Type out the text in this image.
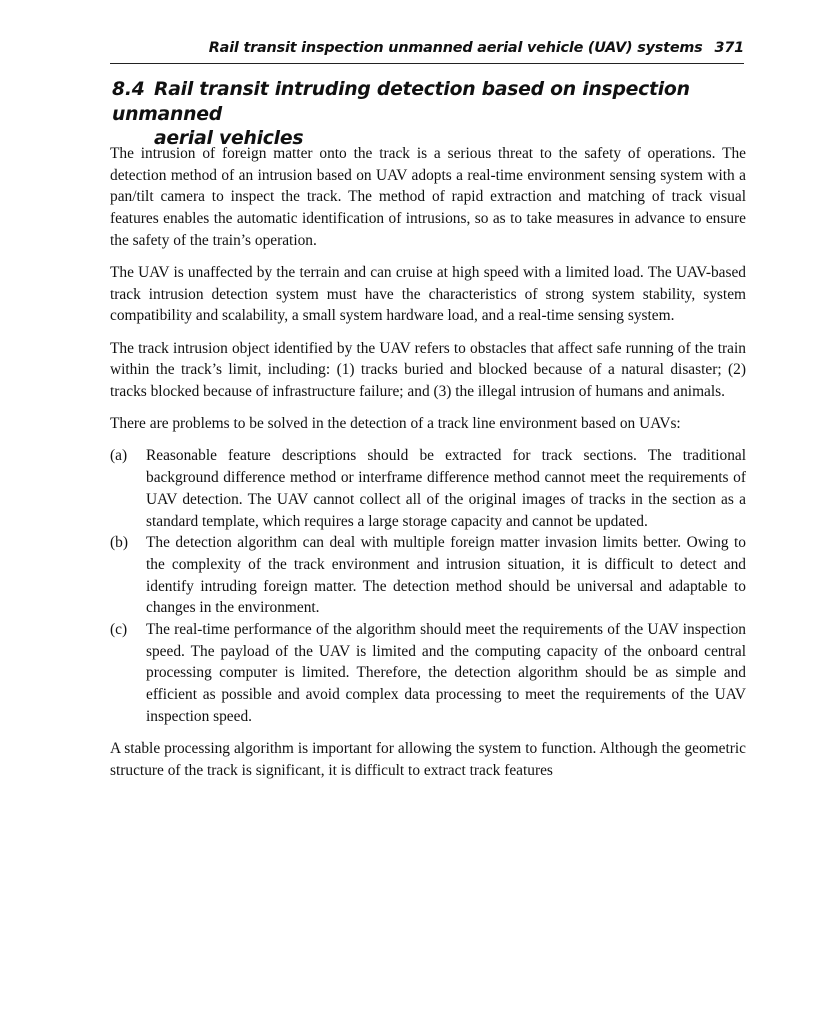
Rail transit inspection unmanned aerial vehicle (UAV) systems 371
8.4 Rail transit intruding detection based on inspection unmanned
aerial vehicles

The intrusion of foreign matter onto the track is a serious threat to the safety of operations. The detection method of an intrusion based on UAV adopts a real-time environment sensing system with a pan/tilt camera to inspect the track. The method of rapid extraction and matching of track visual features enables the automatic identification of intrusions, so as to take measures in advance to ensure the safety of the train’s operation.

The UAV is unaffected by the terrain and can cruise at high speed with a limited load. The UAV-based track intrusion detection system must have the characteristics of strong system stability, system compatibility and scalability, a small system hardware load, and a real-time sensing system.

The track intrusion object identified by the UAV refers to obstacles that affect safe running of the train within the track’s limit, including: (1) tracks buried and blocked because of a natural disaster; (2) tracks blocked because of infrastructure failure; and (3) the illegal intrusion of humans and animals.

There are problems to be solved in the detection of a track line environment based on UAVs:

(a) Reasonable feature descriptions should be extracted for track sections. The traditional background difference method or interframe difference method cannot meet the requirements of UAV detection. The UAV cannot collect all of the original images of tracks in the section as a standard template, which requires a large storage capacity and cannot be updated.
(b) The detection algorithm can deal with multiple foreign matter invasion limits better. Owing to the complexity of the track environment and intrusion situation, it is difficult to detect and identify intruding foreign matter. The detection method should be universal and adaptable to changes in the environment.
(c) The real-time performance of the algorithm should meet the requirements of the UAV inspection speed. The payload of the UAV is limited and the computing capacity of the onboard central processing computer is limited. Therefore, the detection algorithm should be as simple and efficient as possible and avoid complex data processing to meet the requirements of the UAV inspection speed.

A stable processing algorithm is important for allowing the system to function. Although the geometric structure of the track is significant, it is difficult to extract track features
